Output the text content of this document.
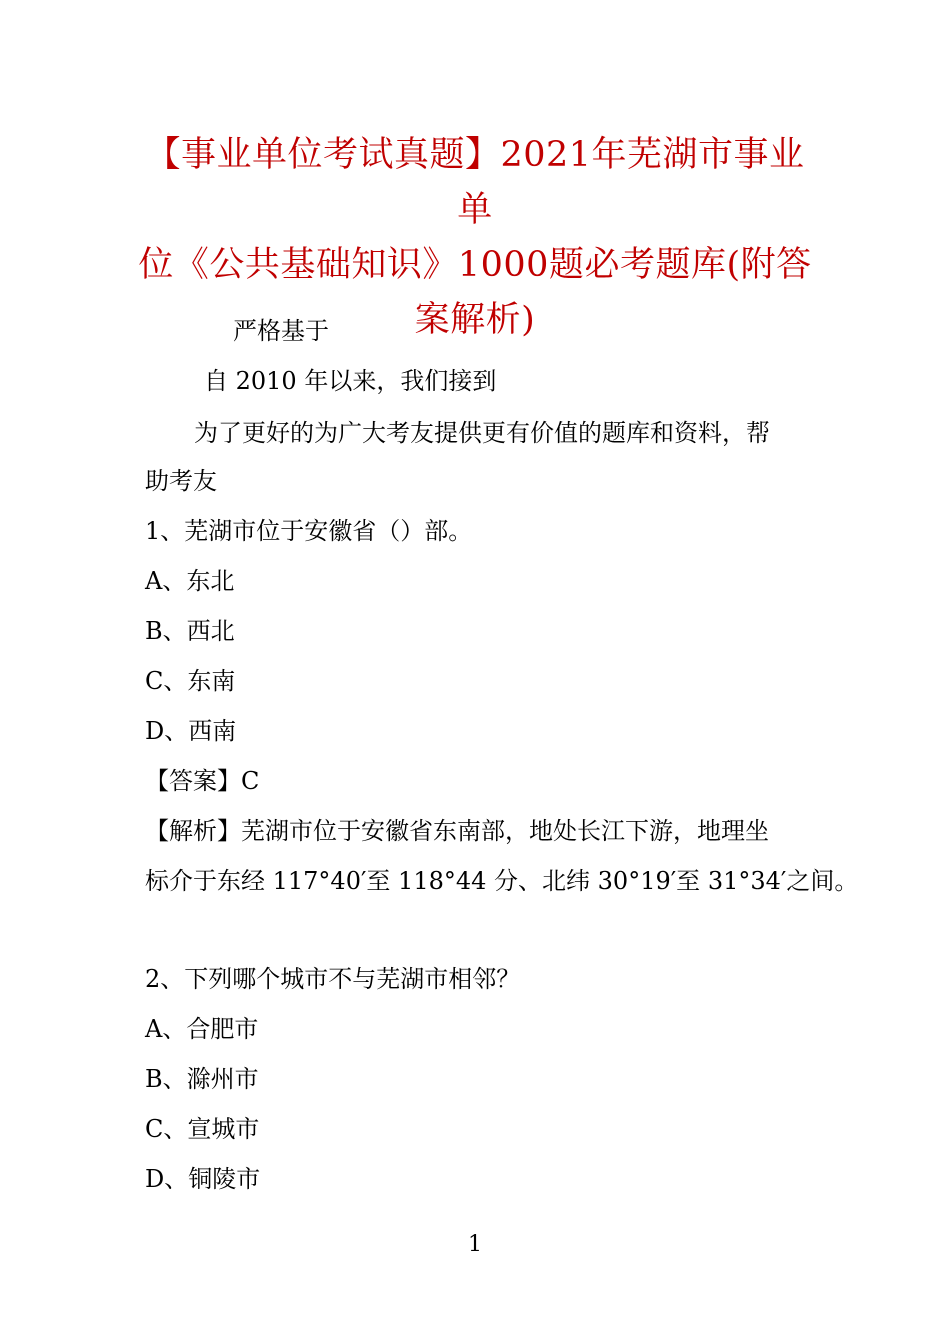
【事业单位考试真题】2021年芜湖市事业单
位《公共基础知识》1000题必考题库(附答
案解析)

严格基于

自 2010 年以来，我们接到

为了更好的为广大考友提供更有价值的题库和资料，帮

助考友

1、芜湖市位于安徽省（）部。

A、东北

B、西北

C、东南

D、西南

【答案】C

【解析】芜湖市位于安徽省东南部，地处长江下游，地理坐

标介于东经 117°40′至 118°44 分、北纬 30°19′至 31°34′之间。

2、下列哪个城市不与芜湖市相邻？

A、合肥市

B、滁州市

C、宣城市

D、铜陵市

1
